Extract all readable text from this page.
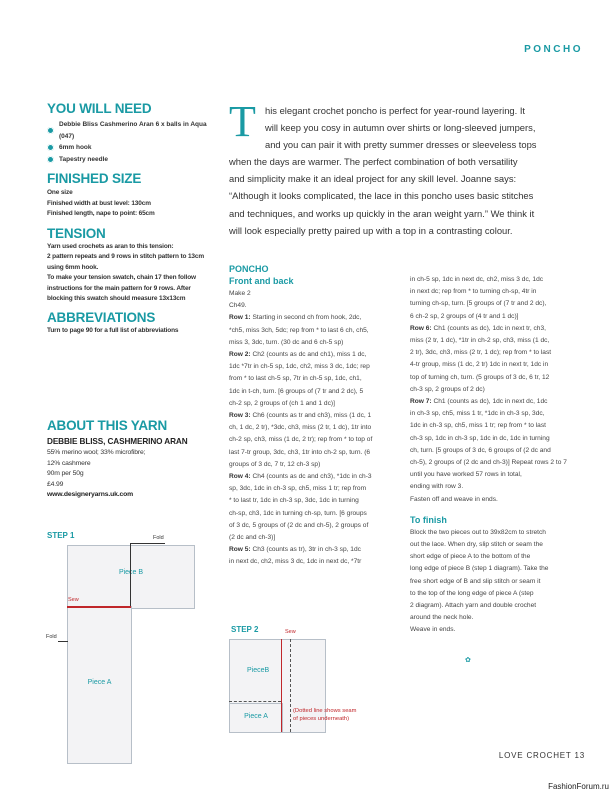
PONCHO
YOU WILL NEED
Debbie Bliss Cashmerino Aran 6 x balls in Aqua (047)
6mm hook
Tapestry needle
FINISHED SIZE
One size
Finished width at bust level: 130cm
Finished length, nape to point: 65cm
TENSION
Yarn used crochets as aran to this tension:
2 pattern repeats and 9 rows in stitch pattern to 13cm
using 6mm hook.
To make your tension swatch, chain 17 then follow
instructions for the main pattern for 9 rows. After
blocking this swatch should measure 13x13cm
ABBREVIATIONS
Turn to page 90 for a full list of abbreviations
ABOUT THIS YARN
DEBBIE BLISS, CASHMERINO ARAN
55% merino wool; 33% microfibre;
12% cashmere
90m per 50g
£4.99
www.designeryarns.uk.com
T his elegant crochet poncho is perfect for year-round layering. It
will keep you cosy in autumn over shirts or long-sleeved jumpers,
and you can pair it with pretty summer dresses or sleeveless tops
when the days are warmer. The perfect combination of both versatility
and simplicity make it an ideal project for any skill level. Joanne says:
“Although it looks complicated, the lace in this poncho uses basic stitches
and techniques, and works up quickly in the aran weight yarn.” We think it
will look especially pretty paired up with a top in a contrasting colour.
PONCHO
Front and back
Make 2
Ch49.
Row 1: Starting in second ch from hook, 2dc,
*ch5, miss 3ch, 5dc; rep from * to last 6 ch, ch5,
miss 3, 3dc, turn. (30 dc and 6 ch-5 sp)
Row 2: Ch2 (counts as dc and ch1), miss 1 dc,
1dc *7tr in ch-5 sp, 1dc, ch2, miss 3 dc, 1dc; rep
from * to last ch-5 sp, 7tr in ch-5 sp, 1dc, ch1,
1dc in t-ch, turn. [6 groups of (7 tr and 2 dc), 5
ch-2 sp, 2 groups of (ch 1 and 1 dc)]
Row 3: Ch6 (counts as tr and ch3), miss (1 dc, 1
ch, 1 dc, 2 tr), *3dc, ch3, miss (2 tr, 1 dc), 1tr into
ch-2 sp, ch3, miss (1 dc, 2 tr); rep from * to top of
last 7-tr group, 3dc, ch3, 1tr into ch-2 sp, turn. (6
groups of 3 dc, 7 tr, 12 ch-3 sp)
Row 4: Ch4 (counts as dc and ch3), *1dc in ch-3
sp, 3dc, 1dc in ch-3 sp, ch5, miss 1 tr; rep from
* to last tr, 1dc in ch-3 sp, 3dc, 1dc in turning
ch-sp, ch3, 1dc in turning ch-sp, turn. [6 groups
of 3 dc, 5 groups of (2 dc and ch-5), 2 groups of
(2 dc and ch-3)]
Row 5: Ch3 (counts as tr), 3tr in ch-3 sp, 1dc
in next dc, ch2, miss 3 dc, 1dc in next dc, *7tr
in ch-5 sp, 1dc in next dc, ch2, miss 3 dc, 1dc
in next dc; rep from * to turning ch-sp, 4tr in
turning ch-sp, turn. [5 groups of (7 tr and 2 dc),
6 ch-2 sp, 2 groups of (4 tr and 1 dc)]
Row 6: Ch1 (counts as dc), 1dc in next tr, ch3,
miss (2 tr, 1 dc), *1tr in ch-2 sp, ch3, miss (1 dc,
2 tr), 3dc, ch3, miss (2 tr, 1 dc); rep from * to last
4-tr group, miss (1 dc, 2 tr) 1dc in next tr, 1dc in
top of turning ch, turn. (5 groups of 3 dc, 6 tr, 12
ch-3 sp, 2 groups of 2 dc)
Row 7: Ch1 (counts as dc), 1dc in next dc, 1dc
in ch-3 sp, ch5, miss 1 tr, *1dc in ch-3 sp, 3dc,
1dc in ch-3 sp, ch5, miss 1 tr; rep from * to last
ch-3 sp, 1dc in ch-3 sp, 1dc in dc, 1dc in turning
ch, turn. [5 groups of 3 dc, 6 groups of (2 dc and
ch-5), 2 groups of (2 dc and ch-3)] Repeat rows 2 to 7
until you have worked 57 rows in total,
ending with row 3.
Fasten off and weave in ends.
To finish
Block the two pieces out to 39x82cm to stretch
out the lace. When dry, slip stitch or seam the
short edge of piece A to the bottom of the
long edge of piece B (step 1 diagram). Take the
free short edge of B and slip stitch or seam it
to the top of the long edge of piece A (step
2 diagram). Attach yarn and double crochet
around the neck hole.
Weave in ends.
✿
STEP 1
Piece B
Piece A
Sew
Fold
Fold
STEP 2	Sew
PieceB
Piece A
(Dotted line shows seam
of pieces underneath)
LOVE CROCHET 13
FashionForum.ru
